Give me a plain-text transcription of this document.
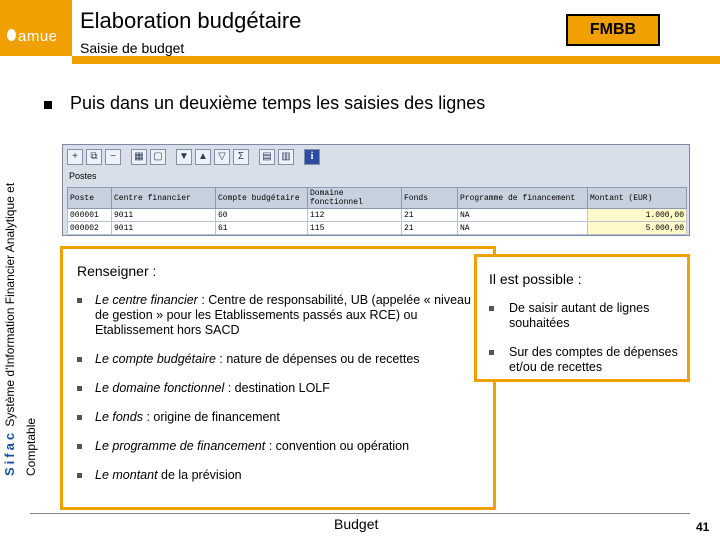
amue
Elaboration budgétaire
Saisie de budget
FMBB
Sifac Système d'Information Financier Analytique et
Comptable
Puis dans un deuxième temps les saisies des lignes
+	⧉	−	▦ ▢	▼ ▲	▽	Σ	▤ ▥	i
Postes
Poste	Centre financier	Compte budgétaire	Domaine fonctionnel	Fonds	Programme de financement	Montant (EUR)
000001	9011	60	112	21	NA	1.000,00
000002	9011	61	115	21	NA	5.000,00
Renseigner :
Le centre financier : Centre de responsabilité, UB (appelée « niveau de gestion » pour les Etablissements passés aux RCE) ou Etablissement hors SACD
Le compte budgétaire : nature de dépenses ou de recettes
Le domaine fonctionnel : destination LOLF
Le fonds : origine de financement
Le programme de financement : convention ou opération
Le montant de la prévision
Il est possible :
De saisir autant de lignes souhaitées
Sur des comptes de dépenses et/ou de recettes
Budget	41
